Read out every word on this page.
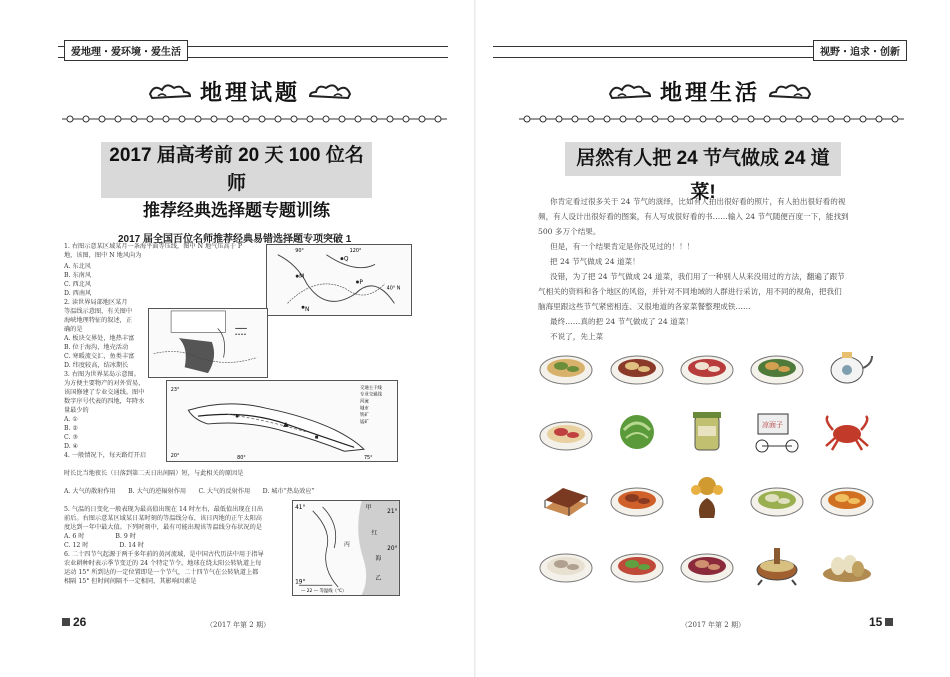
爱地理・爱环境・爱生活
地理试题
2017 届高考前 20 天 100 位名师
推荐经典选择题专题训练
2017 届全国百位名师推荐经典易错选择题专项突破 1
1. 右图示意某区域某月一条海平面等压线，图中 N 地气压高于 P
地，该图，图中 N 地风向为
A. 东北风
B. 东南风
C. 西北风
D. 西南风
2. 读世界局部地区某月
等温线示意图，有关图中
海峡地理特征的叙述，正
确的是
A. 板块交界处，地热丰富
B. 位于海沟，地壳活动
C. 寒暖流交汇，鱼类丰富
D. 纬度较高，结冰期长
3. 右图为世界某岛示意图。
为方便主要物产的对外贸易，
该国修建了专业交通线。图中
数字序号代表的四地，年降水
量最少的
A. ①
B. ②
C. ③
D. ④
4. 一般情况下，每天路灯开启
时长比当地夜长（日落到第二天日出间隔）短，与此相关的原因是
A. 大气的散射作用　　B. 大气的逆辐射作用　　C. 大气的反射作用　　D. 城市“热岛效应”
5. 气温的日变化一般表现为最高值出现在 14 时左右，最低值出现在日出
前后。右图示意某区域某日某时刻的等温线分布，该日丙地的正午太阳高
度达到一年中最大值。下列时刻中，最有可能出现该等温线分布状况的是
A. 6 时　　　　　B. 9 时
C. 12 时　　　　　D. 14 时
6. 二十四节气起源于两千多年前的黄河流域，是中国古代历法中用于指导
农业耕种时表示季节变迁的 24 个特定节令。地球在绕太阳公转轨道上每
运动 15° 所到达的一定位置即是一个节气，二十四节气在公转轨道上都
相隔 15° 但时间间隔不一定相同，其影响因素是
M
Q
P
N
90°	120°
40° N
23°
20°	80°	75°
交通主干线
专业交通线
河流
城市
铁矿
锰矿
21°
20°
19°
41°	甲
乙
丙
红
海
— 22 — 等温线（℃）
26	（2017 年第 2 期）
视野・追求・创新
地理生活
居然有人把 24 节气做成 24 道菜!

你肯定看过很多关于 24 节气的演绎，比如有人拍出很好看的照片，有人拍出很好看的视

频，有人设计出很好看的图案，有人写成很好看的书……输入 24 节气随便百度一下，能找到

500 多万个结果。

但是，有一个结果肯定是你没见过的！！！

把 24 节气做成 24 道菜！

没错，为了把 24 节气做成 24 道菜，我们用了一种别人从来没用过的方法，翻遍了跟节

气相关的资料和各个地区的风俗，并针对不同地域的人群进行采访，用不同的视角，把我们

脑海里跟这些节气紧密相连、又很地道的各家菜餐整理成铁……

最终……真的把 24 节气做成了 24 道菜！

不说了，先上菜

凉面子
（2017 年第 2 期）	15
